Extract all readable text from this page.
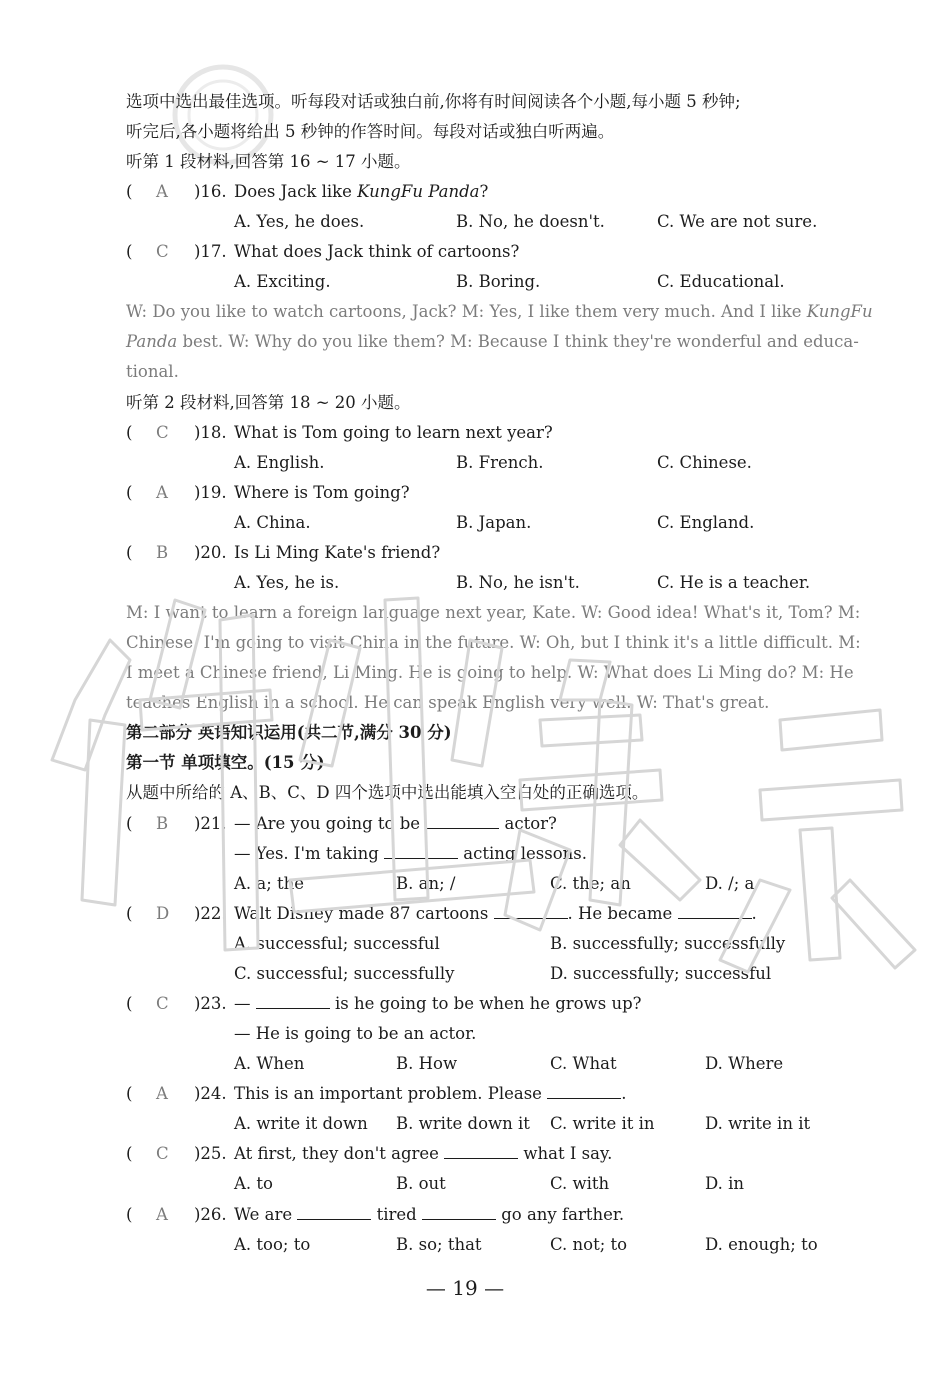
选项中选出最佳选项。听每段对话或独白前,你将有时间阅读各个小题,每小题 5 秒钟;
听完后,各小题将给出 5 秒钟的作答时间。每段对话或独白听两遍。
听第 1 段材料,回答第 16 ~ 17 小题。
( A )16. Does Jack like KungFu Panda?
A. Yes, he does.	B. No, he doesn't.	C. We are not sure.
( C )17. What does Jack think of cartoons?
A. Exciting.	B. Boring.	C. Educational.
W: Do you like to watch cartoons, Jack? M: Yes, I like them very much. And I like KungFu
Panda best. W: Why do you like them? M: Because I think they're wonderful and educa-
tional.
听第 2 段材料,回答第 18 ~ 20 小题。
( C )18. What is Tom going to learn next year?
A. English.	B. French.	C. Chinese.
( A )19. Where is Tom going?
A. China.	B. Japan.	C. England.
( B )20. Is Li Ming Kate's friend?
A. Yes, he is.	B. No, he isn't.	C. He is a teacher.
M: I want to learn a foreign language next year, Kate. W: Good idea! What's it, Tom? M:
Chinese. I'm going to visit China in the future. W: Oh, but I think it's a little difficult. M:
I meet a Chinese friend, Li Ming. He is going to help. W: What does Li Ming do? M: He
teaches English in a school. He can speak English very well. W: That's great.
第二部分 英语知识运用(共二节,满分 30 分)
第一节 单项填空。(15 分)
从题中所给的 A、B、C、D 四个选项中选出能填入空白处的正确选项。
( B )21. — Are you going to be	actor?
— Yes. I'm taking	acting lessons.
A. a; the	B. an; /	C. the; an	D. /; a
( D )22. Walt Disney made 87 cartoons	. He became	.
A. successful; successful	B. successfully; successfully
C. successful; successfully	D. successfully; successful
( C )23. —	is he going to be when he grows up?
— He is going to be an actor.
A. When	B. How	C. What	D. Where
( A )24. This is an important problem. Please	.
A. write it down B. write down it C. write it in	D. write in it
( C )25. At first, they don't agree	what I say.
A. to	B. out	C. with	D. in
( A )26. We are	tired	go any farther.
A. too; to	B. so; that	C. not; to	D. enough; to
— 19 —
